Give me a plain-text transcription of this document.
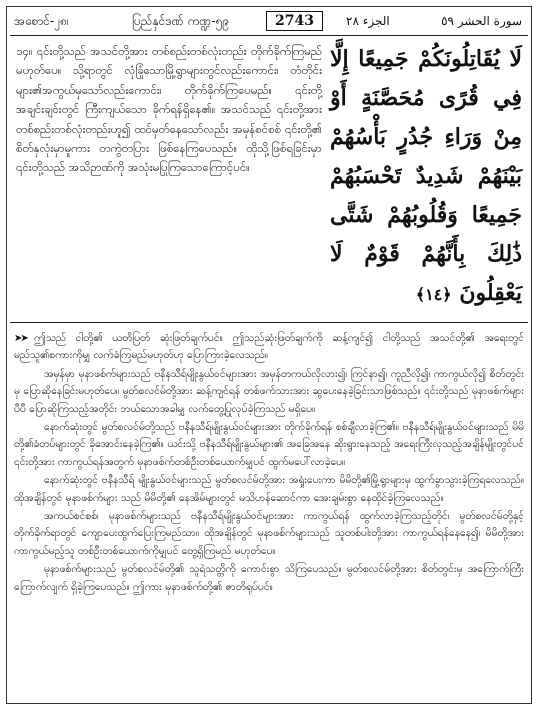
အစောင်-၂၈၊	ပြည်နှင်ဒဏ် ကဏ္ဍ-၅၉	2743	الجزء ٢٨	سورة الحشر ٥٩

၁၄။ ၎င်းတို့သည် အသင်တို့အား တစ်စည်းတစ်လုံးတည်း တိုက်ခိုက်ကြမည် မဟုတ်ပေ။ သို့ရာတွင် လုံခြုံသောမြို့ရွာများတွင်လည်းကောင်း၊ တံတိုင်းများ၏အကွယ်မှသော်လည်းကောင်း၊ တိုက်ခိုက်ကြပေမည်။ ၎င်းတို့ အချင်းချင်းတွင် ကြီးကျယ်သော ခိုက်ရန်ရှိနေ၏။ အသင်သည် ၎င်းတို့အား တစ်စည်းတစ်လုံးတည်းဟူ၍ ထင်မှတ်နေသော်လည်း အမှန်စင်စစ် ၎င်းတို့၏ စိတ်နှလုံးမှာမူကား တကွဲတပြား ဖြစ်နေကြပေသည်။ ထိုသို့ဖြစ်ရခြင်းမှာ ၎င်းတို့သည် အသိဉာဏ်ကို အသုံးမပြုကြသောကြောင့်ပင်။

لَا يُقَاتِلُونَكُمْ جَمِيعًا إِلَّا فِي قُرًى مُحَصَّنَةٍ أَوْ مِنْ وَرَاءِ جُدُرٍ بَأْسُهُمْ بَيْنَهُمْ شَدِيدٌ تَحْسَبُهُمْ جَمِيعًا وَقُلُوبُهُمْ شَتَّى ذَٰلِكَ بِأَنَّهُمْ قَوْمٌ لَا يَعْقِلُونَ ﴿١٤﴾

➤➤ ဤသည် ငါတို့၏ ယတိပြတ် ဆုံးဖြတ်ချက်ပင်။ ဤသည်ဆုံးဖြတ်ချက်ကို ဆန့်ကျင်၍ ငါတို့သည် အသင်တို့၏ အရေးတွင် မည်သူ၏စကားကိုမျှ လက်ခံကြမည်မဟုတ်ဟု ပြောကြားခဲ့လေသည်။

အမှန်မှာ မုနာဖစ်က်များသည် ဗနီနသီရ်မျိုးနွယ်ဝင်များအား အမှန်တကယ်လိုလား၍၊ ကြင်နာ၍၊ ကူညီလို၍၊ ကာကွယ်လို၍ စိတ်တွင်းမှ ပြောဆိုနေခြင်းမဟုတ်ပေ။ မွတ်စလင်မ်တို့အား ဆန့်ကျင်ရန် တစ်ဖက်သားအား ဆွပေးနေခဲ့ခြင်းသာဖြစ်သည်။ ၎င်းတို့သည် မုနာဖစ်က်များပီပီ ပြောဆိုကြသည့်အတိုင်း ဘယ်သောအခါမျှ လက်တွေ့ပြုလုပ်ခဲ့ကြသည် မရှိပေ။

နောက်ဆုံးတွင် မွတ်စလင်မ်တို့သည် ဗနီနသီရ်မျိုးနွယ်ဝင်များအား တိုက်ခိုက်ရန် စစ်ချီလာခဲ့ကြ၏။ ဗနီနသီရ်မျိုးနွယ်ဝင်များသည် မိမိတို့၏ခံတပ်များတွင် ခိုအောင်းနေခဲ့ကြ၏။ ယင်းသို့ ဗနီနသီရ်မျိုးနွယ်များ၏ အခြေအနေ ဆိုးရွားနေသည့် အရေးကြီးလှသည့်အချိန်မျိုးတွင်ပင် ၎င်းတို့အား ကာကွယ်ရန်အတွက် မုနာဖစ်က်တစ်ဦးတစ်ယောက်မျှပင် ထွက်မပေါ်လာခဲ့ပေ။

နောက်ဆုံးတွင် ဗနီနသီရ် မျိုးနွယ်ဝင်များသည် မွတ်စလင်မ်တို့အား အရှုံးပေးကာ မိမိတို့၏မြို့ရွာများမှ ထွက်ခွာသွားခဲ့ကြရလေသည်။ ထိုအချိန်တွင် မုနာဖစ်က်များ သည် မိမိတို့၏ နေအိမ်များတွင် မသိဟန်ဆောင်ကာ အေးချမ်းစွာ နေထိုင်ခဲ့ကြလေသည်။

အကယ်စင်စစ်၊ မုနာဖစ်က်များသည် ဗနီနသီရ်မျိုးနွယ်ဝင်များအား ကာကွယ်ရန် ထွက်လာခဲ့ကြသည့်တိုင်၊ မွတ်စလင်မ်တို့နှင့် တိုက်ခိုက်ရာတွင် ကျောပေးထွက်ပြေးကြမည်သာ။ ထိုအချိန်တွင် မုနာဖစ်က်များသည် သူတစ်ပါးတို့အား ကာကွယ်ရန်နေနေ၍၊ မိမိတို့အား ကာကွယ်မည့်သူ တစ်ဦးတစ်ယောက်ကိုမျှပင် တွေ့ရှိကြမည် မဟုတ်ပေ။

မုနာဖစ်က်များသည် မွတ်စလင်မ်တို့၏ သူရဲသတ္တိကို ကောင်းစွာ သိကြပေသည်။ မွတ်စလင်မ်တို့အား စိတ်တွင်းမှ အကြောက်ကြီးကြောက်လျက် ရှိခဲ့ကြပေသည်။ ဤကား မုနာဖစ်က်တို့၏ ဇာတိရုပ်ပင်။
